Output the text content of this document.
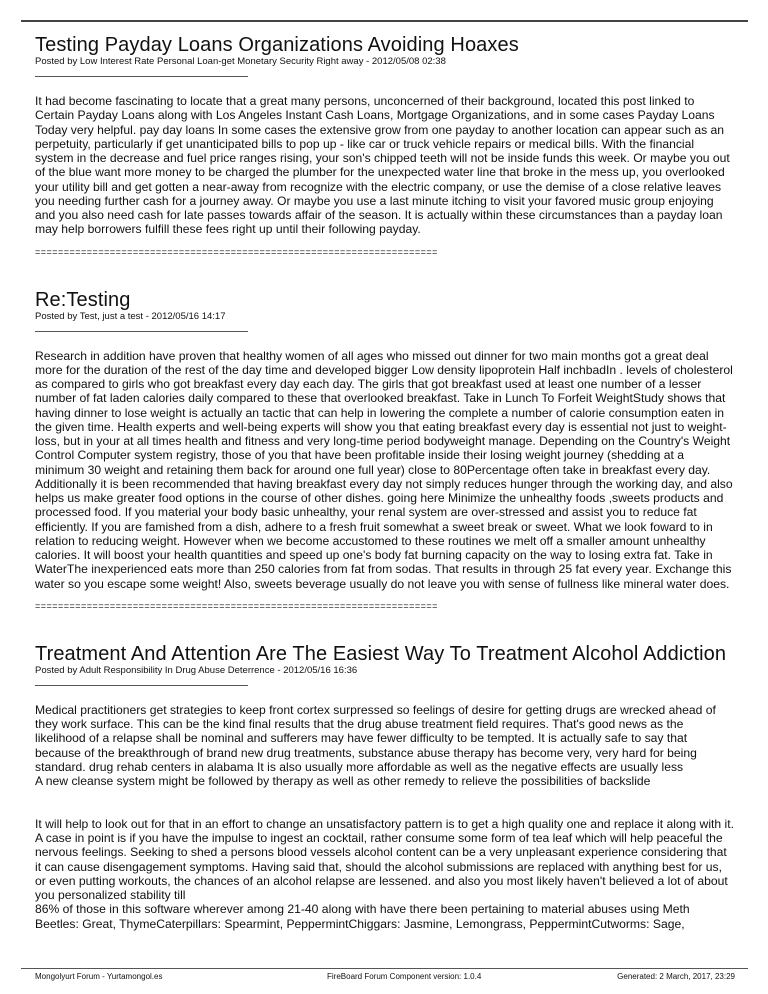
Testing Payday Loans Organizations Avoiding Hoaxes
Posted by Low Interest Rate Personal Loan-get Monetary Security Right away - 2012/05/08 02:38
It had become fascinating to locate that a great many persons, unconcerned of their background, located this post linked to Certain Payday Loans along with Los Angeles Instant Cash Loans, Mortgage Organizations, and in some cases Payday Loans Today very helpful. pay day loans In some cases the extensive grow from one payday to another location can appear such as an perpetuity, particularly if get unanticipated bills to pop up - like car or truck vehicle repairs or medical bills. With the financial system in the decrease and fuel price ranges rising, your son's chipped teeth will not be inside funds this week. Or maybe you out of the blue want more money to be charged the plumber for the unexpected water line that broke in the mess up, you overlooked your utility bill and get gotten a near-away from recognize with the electric company, or use the demise of a close relative leaves you needing further cash for a journey away. Or maybe you use a last minute itching to visit your favored music group enjoying and you also need cash for late passes towards affair of the season. It is actually within these circumstances than a payday loan may help borrowers fulfill these fees right up until their following payday.
======================================================================
Re:Testing
Posted by Test, just a test - 2012/05/16 14:17
Research in addition have proven that healthy women of all ages who missed out dinner for two main months got a great deal more for the duration of the rest of the day time and developed bigger Low density lipoprotein Half inchbadIn . levels of cholesterol as compared to girls who got breakfast every day each day. The girls that got breakfast used at least one number of a lesser number of fat laden calories daily compared to these that overlooked breakfast. Take in Lunch To Forfeit WeightStudy shows that having dinner to lose weight is actually an tactic that can help in lowering the complete a number of calorie consumption eaten in the given time. Health experts and well-being experts will show you that eating breakfast every day is essential not just to weight-loss, but in your at all times health and fitness and very long-time period bodyweight manage. Depending on the Country's Weight Control Computer system registry, those of you that have been profitable inside their losing weight journey (shedding at a minimum 30 weight and retaining them back for around one full year) close to 80Percentage often take in breakfast every day. Additionally it is been recommended that having breakfast every day not simply reduces hunger through the working day, and also helps us make greater food options in the course of other dishes. going here Minimize the unhealthy foods ,sweets products and processed food. If you material your body basic unhealthy, your renal system are over-stressed and assist you to reduce fat efficiently. If you are famished from a dish, adhere to a fresh fruit somewhat a sweet break or sweet. What we look foward to in relation to reducing weight. However when we become accustomed to these routines we melt off a smaller amount unhealthy calories. It will boost your health quantities and speed up one's body fat burning capacity on the way to losing extra fat. Take in WaterThe inexperienced eats more than 250 calories from fat from sodas. That results in through 25 fat every year. Exchange this water so you escape some weight! Also, sweets beverage usually do not leave you with sense of fullness like mineral water does.
======================================================================
Treatment And Attention Are The Easiest Way To Treatment Alcohol Addiction
Posted by Adult Responsibility In Drug Abuse Deterrence - 2012/05/16 16:36
Medical practitioners get strategies to keep front cortex surpressed so feelings of desire for getting drugs are wrecked ahead of they work surface. This can be the kind final results that the drug abuse treatment field requires. That's good news as the likelihood of a relapse shall be nominal and sufferers may have fewer difficulty to be tempted. It is actually safe to say that because of the breakthrough of brand new drug treatments, substance abuse therapy has become very, very hard for being standard. drug rehab centers in alabama It is also usually more affordable as well as the negative effects are usually less
A new cleanse system might be followed by therapy as well as other remedy to relieve the possibilities of backslide

It will help to look out for that in an effort to change an unsatisfactory pattern is to get a high quality one and replace it along with it. A case in point is if you have the impulse to ingest an cocktail, rather consume some form of tea leaf which will help peaceful the nervous feelings. Seeking to shed a persons blood vessels alcohol content can be a very unpleasant experience considering that it can cause disengagement symptoms. Having said that, should the alcohol submissions are replaced with anything best for us, or even putting workouts, the chances of an alcohol relapse are lessened. and also you most likely haven't believed a lot of about you personalized stability till
86% of those in this software wherever among 21-40 along with have there been pertaining to material abuses using Meth
Beetles: Great, ThymeCaterpillars: Spearmint, PeppermintChiggars: Jasmine, Lemongrass, PeppermintCutworms: Sage,
Mongolyurt Forum - Yurtamongol.es	FireBoard Forum Component version: 1.0.4	Generated: 2 March, 2017, 23:29
